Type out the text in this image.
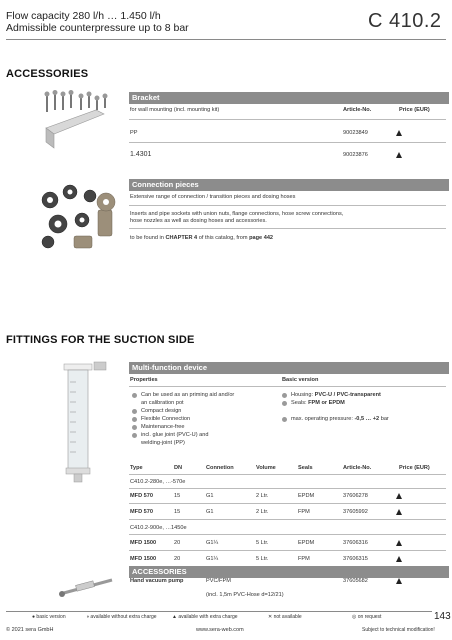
Flow capacity 280 l/h … 1.450 l/h
Admissible counterpressure up to 8 bar	C 410.2
ACCESSORIES
Bracket
for wall mounting (incl. mounting kit)	Article-No.	Price (EUR)
PP	90023849
1.4301	90023876
Connection pieces
Extensive range of connection / transition pieces and dosing hoses
Inserts and pipe sockets with union nuts, flange connections, hose screw connections,
hose nozzles as well as dosing hoses and accessories.
to be found in CHAPTER 4 of this catalog, from page 442
FITTINGS FOR THE SUCTION SIDE
Multi-function device
Properties	Basic version
Can be used as an priming aid and/or
an calibration pot
Compact design
Flexible Connection
Maintenance-free
incl. glue joint (PVC-U) and
welding-joint (PP)
Housing: PVC-U / PVC-transparent
Seals: FPM or EPDM
max. operating pressure: -0,5 … +2 bar
Type	DN	Connetion	Volume	Seals	Article-No.	Price (EUR)
C410.2-280e, …-570e
MFD 570	15	G1	2 Ltr.	EPDM	37606278
MFD 570	15	G1	2 Ltr.	FPM	37605992
C410.2-900e, …1450e
MFD 1500	20	G1¼	5 Ltr.	EPDM	37606316
MFD 1500	20	G1¼	5 Ltr.	FPM	37606315
ACCESSORIES
Hand vacuum pump	PVC/FPM	37605682
(incl. 1,5m PVC-Hose d=12/21)
● basic version	◑ available without extra charge	▲ available with extra charge	✕ not available	◎ on request	143
© 2021 sera GmbH	www.sera-web.com	Subject to technical modification!
